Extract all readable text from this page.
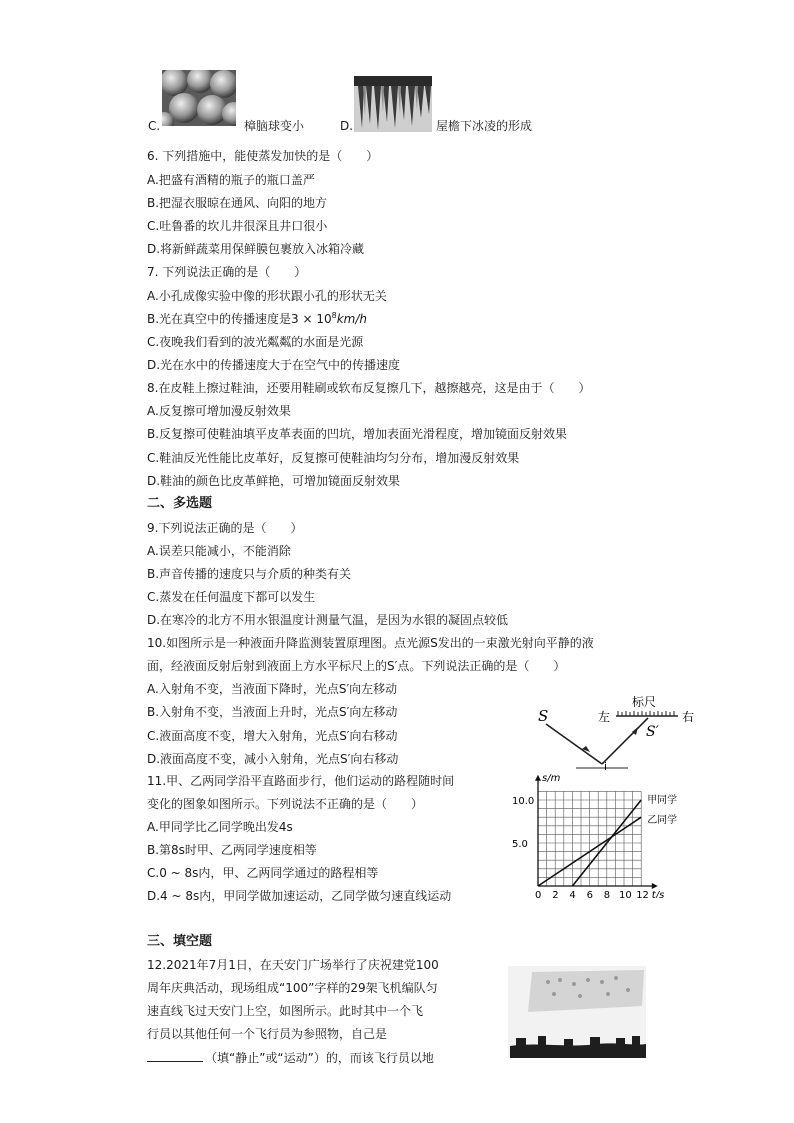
C.	樟脑球变小	D.	屋檐下冰凌的形成
6. 下列措施中，能使蒸发加快的是（　　）
A.把盛有酒精的瓶子的瓶口盖严
B.把湿衣服晾在通风、向阳的地方
C.吐鲁番的坎儿井很深且井口很小
D.将新鲜蔬菜用保鲜膜包裹放入冰箱冷藏
7. 下列说法正确的是（　　）
A.小孔成像实验中像的形状跟小孔的形状无关
B.光在真空中的传播速度是$3 \times 10^8km/h$
C.夜晚我们看到的波光粼粼的水面是光源
D.光在水中的传播速度大于在空气中的传播速度
8.在皮鞋上擦过鞋油，还要用鞋刷或软布反复擦几下，越擦越亮，这是由于（　　）
A.反复擦可增加漫反射效果
B.反复擦可使鞋油填平皮革表面的凹坑，增加表面光滑程度，增加镜面反射效果
C.鞋油反光性能比皮革好，反复擦可使鞋油均匀分布，增加漫反射效果
D.鞋油的颜色比皮革鲜艳，可增加镜面反射效果
二、多选题
9.下列说法正确的是（　　）
A.误差只能减小，不能消除
B.声音传播的速度只与介质的种类有关
C.蒸发在任何温度下都可以发生
D.在寒冷的北方不用水银温度计测量气温，是因为水银的凝固点较低
10.如图所示是一种液面升降监测装置原理图。点光源S发出的一束激光射向平静的液
面，经液面反射后射到液面上方水平标尺上的S′点。下列说法正确的是（　　）
A.入射角不变，当液面下降时，光点S′向左移动
B.入射角不变，当液面上升时，光点S′向左移动
C.液面高度不变，增大入射角，光点S′向右移动
D.液面高度不变，减小入射角，光点S′向右移动
S
S′
标尺
左	右
i
11.甲、乙两同学沿平直路面步行，他们运动的路程随时间
变化的图象如图所示。下列说法不正确的是（　　）
A.甲同学比乙同学晚出发4s
B.第8s时甲、乙两同学速度相等
C.0 ~ 8s内，甲、乙两同学通过的路程相等
D.4 ~ 8s内，甲同学做加速运动，乙同学做匀速直线运动
s/m
t/s
0 2 4 6 8 10 12
5.0
10.0	甲同学
乙同学
三、填空题
12.2021年7月1日，在天安门广场举行了庆祝建党100
周年庆典活动，现场组成“100”字样的29架飞机编队匀
速直线飞过天安门上空，如图所示。此时其中一个飞
行员以其他任何一个飞行员为参照物，自己是
（填“静止”或“运动”）的，而该飞行员以地
